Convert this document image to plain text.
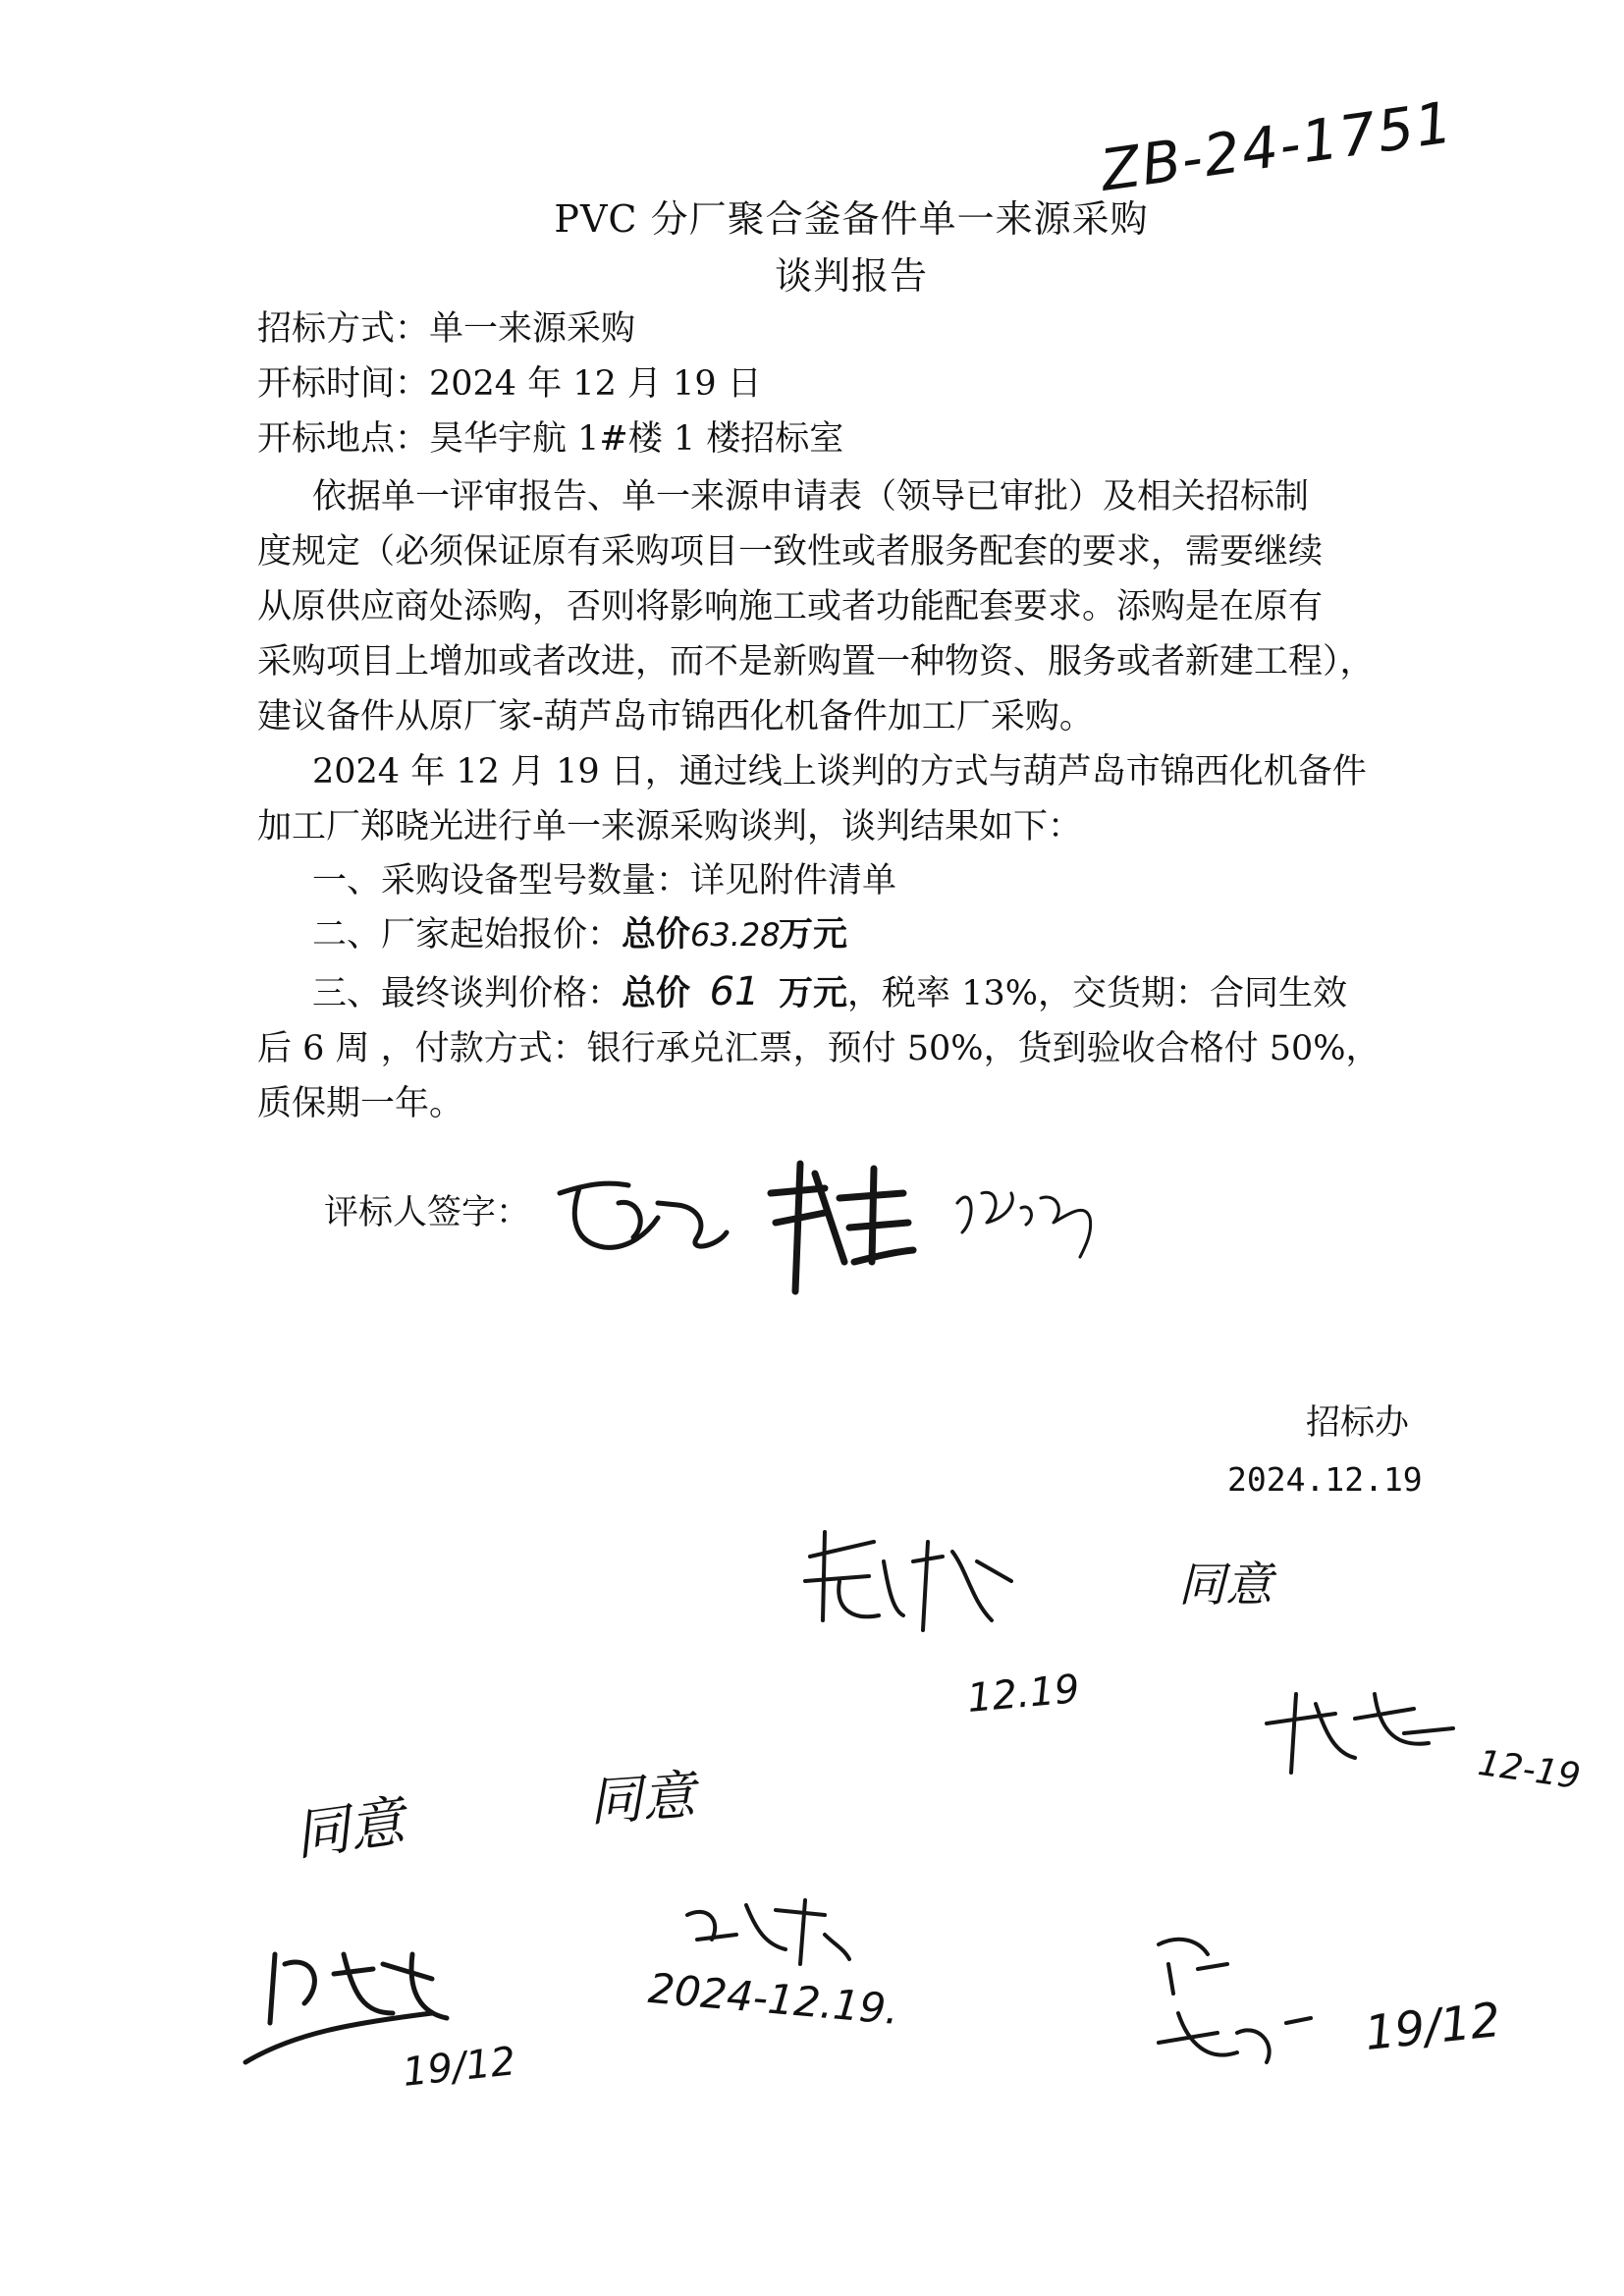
ZB-24-1751
PVC 分厂聚合釜备件单一来源采购
谈判报告
招标方式：单一来源采购
开标时间：2024 年 12 月 19 日
开标地点：昊华宇航 1#楼 1 楼招标室
依据单一评审报告、单一来源申请表（领导已审批）及相关招标制
度规定（必须保证原有采购项目一致性或者服务配套的要求，需要继续
从原供应商处添购，否则将影响施工或者功能配套要求。添购是在原有
采购项目上增加或者改进，而不是新购置一种物资、服务或者新建工程），
建议备件从原厂家-葫芦岛市锦西化机备件加工厂采购。
2024 年 12 月 19 日，通过线上谈判的方式与葫芦岛市锦西化机备件
加工厂郑晓光进行单一来源采购谈判，谈判结果如下：
一、采购设备型号数量：详见附件清单
二、厂家起始报价：总价63.28万元
三、最终谈判价格：总价 61 万元，税率 13%，交货期：合同生效
后 6 周 ，付款方式：银行承兑汇票，预付 50%，货到验收合格付 50%，
质保期一年。
评标人签字：
招标办
2024.12.19
12.19
同意
12-19
同意
19/12
同意
2024-12.19.	19/12
